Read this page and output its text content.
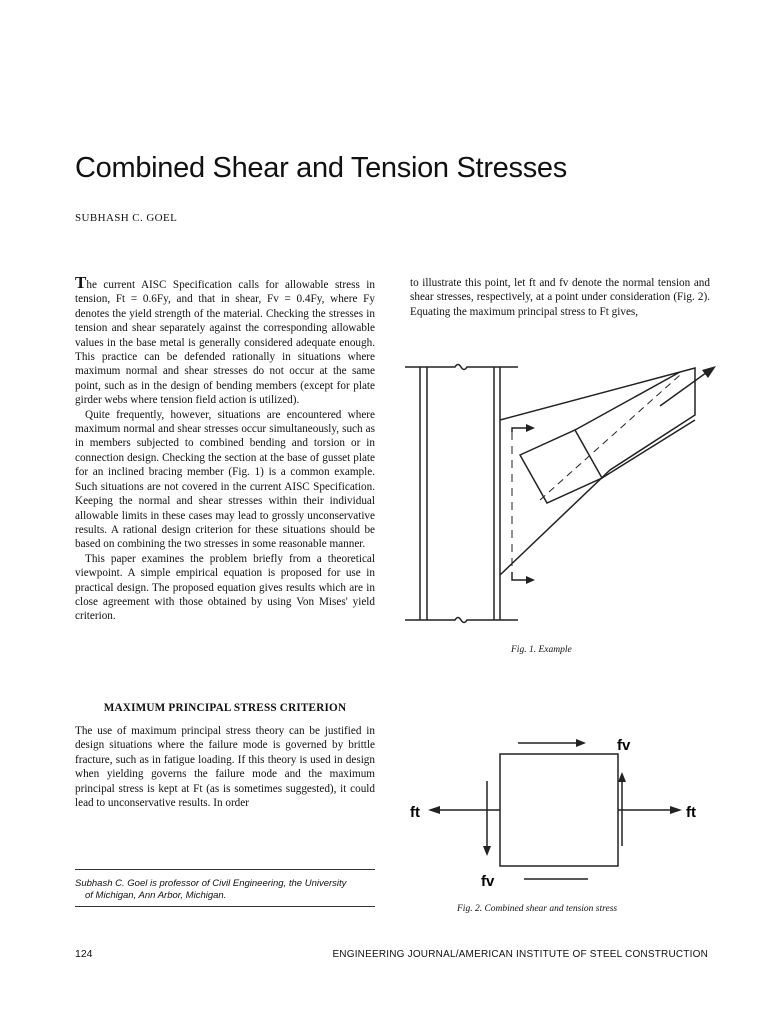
Combined Shear and Tension Stresses
SUBHASH C. GOEL

The current AISC Specification calls for allowable stress in tension, Ft = 0.6Fy, and that in shear, Fv = 0.4Fy, where Fy denotes the yield strength of the material. Checking the stresses in tension and shear separately against the corresponding allowable values in the base metal is generally considered adequate enough. This practice can be defended rationally in situations where maximum normal and shear stresses do not occur at the same point, such as in the design of bending members (except for plate girder webs where tension field action is utilized).

Quite frequently, however, situations are encountered where maximum normal and shear stresses occur simultaneously, such as in members subjected to combined bending and torsion or in connection design. Checking the section at the base of gusset plate for an inclined bracing member (Fig. 1) is a common example. Such situations are not covered in the current AISC Specification. Keeping the normal and shear stresses within their individual allowable limits in these cases may lead to grossly unconservative results. A rational design criterion for these situations should be based on combining the two stresses in some reasonable manner.

This paper examines the problem briefly from a theoretical viewpoint. A simple empirical equation is proposed for use in practical design. The proposed equation gives results which are in close agreement with those obtained by using Von Mises' yield criterion.

MAXIMUM PRINCIPAL STRESS CRITERION

The use of maximum principal stress theory can be justified in design situations where the failure mode is governed by brittle fracture, such as in fatigue loading. If this theory is used in design when yielding governs the failure mode and the maximum principal stress is kept at Ft (as is sometimes suggested), it could lead to unconservative results. In order

to illustrate this point, let ft and fv denote the normal tension and shear stresses, respectively, at a point under consideration (Fig. 2). Equating the maximum principal stress to Ft gives,

Fig. 1. Example
ft	ft
fv
fv
Fig. 2. Combined shear and tension stress
Subhash C. Goel is professor of Civil Engineering, the University
of Michigan, Ann Arbor, Michigan.
124	ENGINEERING JOURNAL/AMERICAN INSTITUTE OF STEEL CONSTRUCTION
